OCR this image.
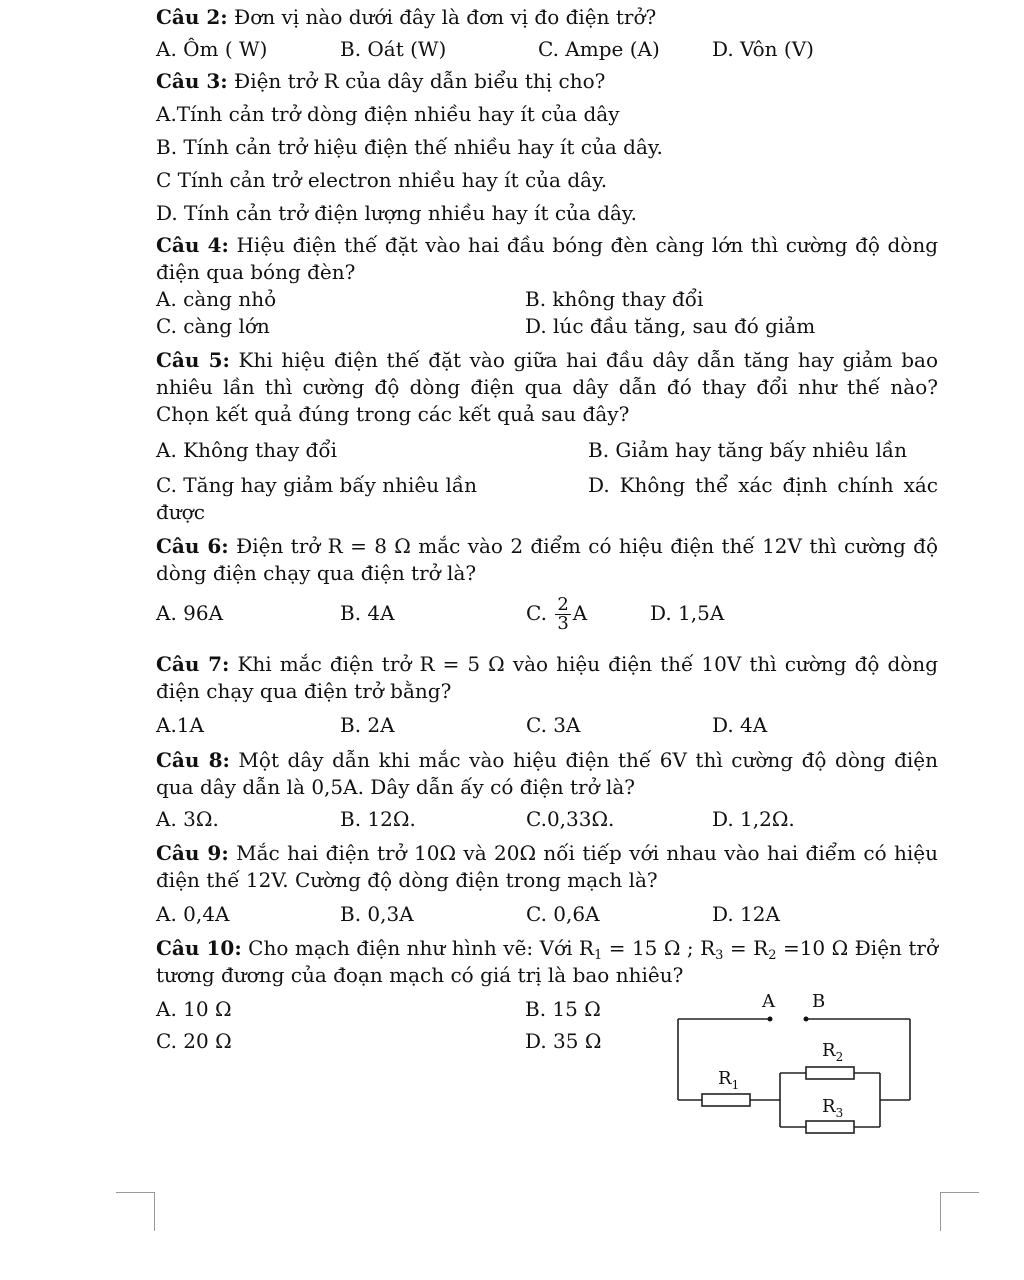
Câu 2: Đơn vị nào dưới đây là đơn vị đo điện trở?
A. Ôm ( W)	B. Oát (W)	C. Ampe (A)	D. Vôn (V)
Câu 3: Điện trở R của dây dẫn biểu thị cho?
A.Tính cản trở dòng điện nhiều hay ít của dây
B. Tính cản trở hiệu điện thế nhiều hay ít của dây.
C Tính cản trở electron nhiều hay ít của dây.
D. Tính cản trở điện lượng nhiều hay ít của dây.
Câu 4: Hiệu điện thế đặt vào hai đầu bóng đèn càng lớn thì cường độ dòng
điện qua bóng đèn?
A. càng nhỏ	B. không thay đổi
C. càng lớn	D. lúc đầu tăng, sau đó giảm
Câu 5: Khi hiệu điện thế đặt vào giữa hai đầu dây dẫn tăng hay giảm bao
nhiêu lần thì cường độ dòng điện qua dây dẫn đó thay đổi như thế nào?
Chọn kết quả đúng trong các kết quả sau đây?
A. Không thay đổi	B. Giảm hay tăng bấy nhiêu lần
C. Tăng hay giảm bấy nhiêu lần	D. Không thể xác định chính xác
được
Câu 6: Điện trở R = 8 Ω mắc vào 2 điểm có hiệu điện thế 12V thì cường độ
dòng điện chạy qua điện trở là?
A. 96A	B. 4A	C. $\frac{2}{3}$ A	D. 1,5A
Câu 7: Khi mắc điện trở R = 5 Ω vào hiệu điện thế 10V thì cường độ dòng
điện chạy qua điện trở bằng?
A.1A	B. 2A	C. 3A	D. 4A
Câu 8: Một dây dẫn khi mắc vào hiệu điện thế 6V thì cường độ dòng điện
qua dây dẫn là 0,5A. Dây dẫn ấy có điện trở là?
A. 3Ω.	B. 12Ω.	C.0,33Ω.	D. 1,2Ω.
Câu 9: Mắc hai điện trở 10Ω và 20Ω nối tiếp với nhau vào hai điểm có hiệu
điện thế 12V. Cường độ dòng điện trong mạch là?
A. 0,4A	B. 0,3A	C. 0,6A	D. 12A
Câu 10: Cho mạch điện như hình vẽ: Với $R_1 = 15$ Ω ; $R_3 = R_2 =10$ Ω Điện trở
tương đương của đoạn mạch có giá trị là bao nhiêu?
A. 10 Ω	B. 15 Ω
C. 20 Ω	D. 35 Ω
A B
$R_1$
$R_2$
$R_3$
